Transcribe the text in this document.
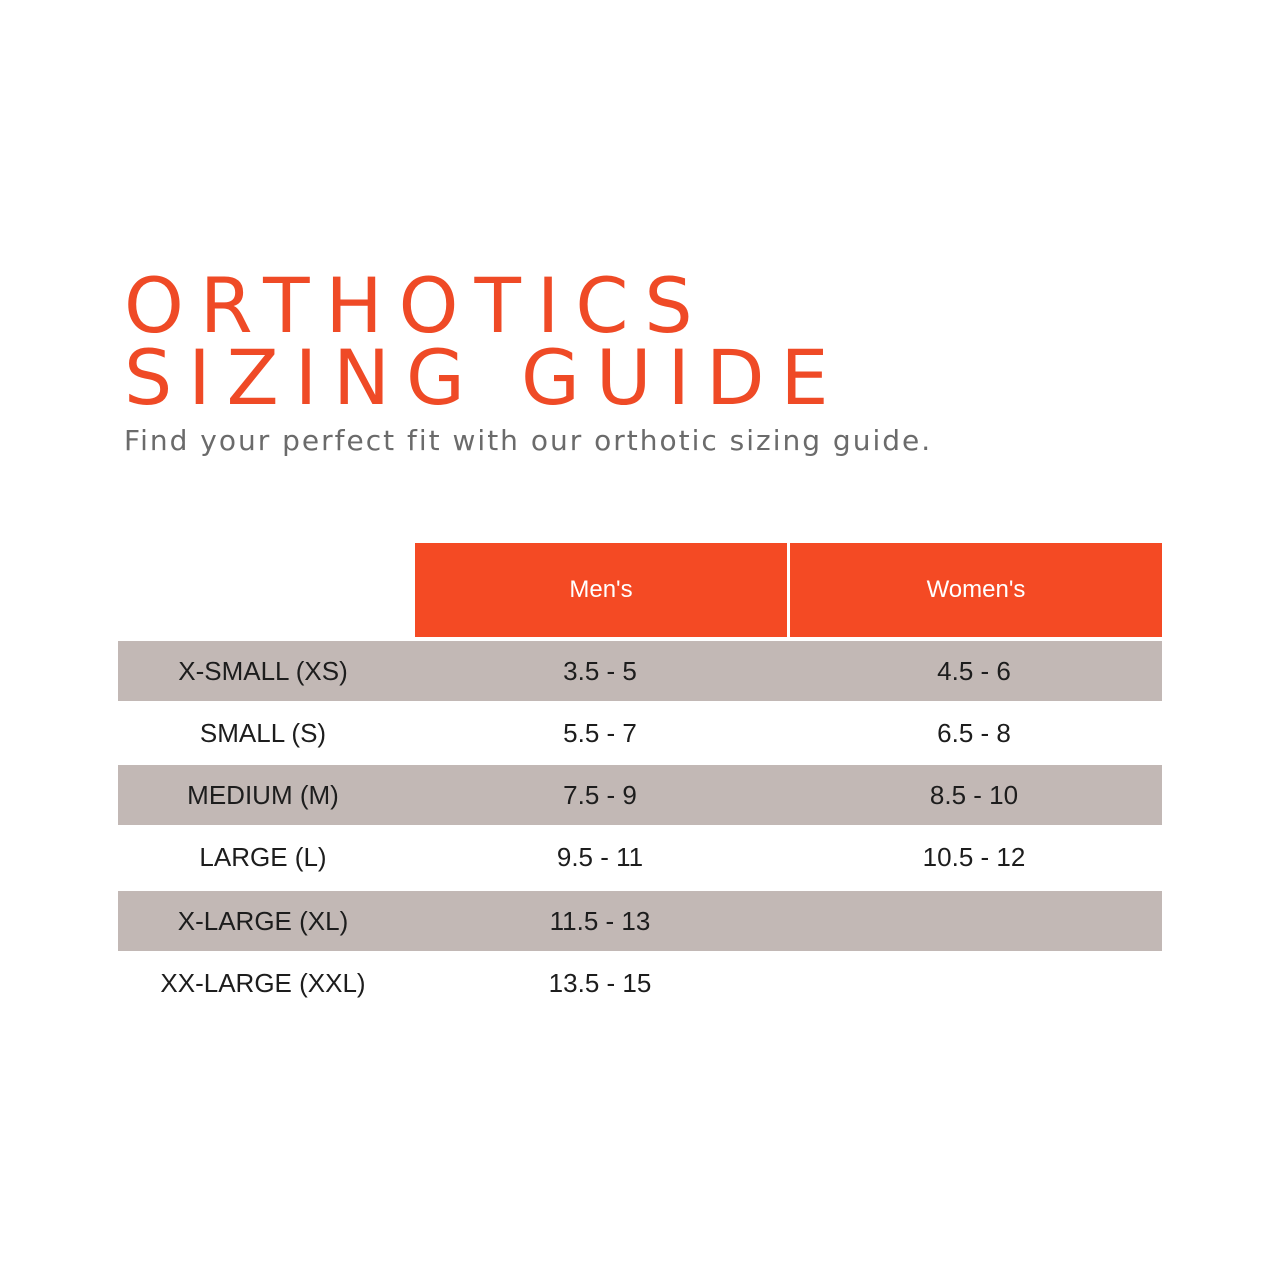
ORTHOTICS
SIZING GUIDE

Find your perfect fit with our orthotic sizing guide.

Men's	Women's
X-SMALL (XS)	3.5 - 5	4.5 - 6
SMALL (S)	5.5 - 7	6.5 - 8
MEDIUM (M)	7.5 - 9	8.5 - 10
LARGE (L)	9.5 - 11	10.5 - 12
X-LARGE (XL)	11.5 - 13
XX-LARGE (XXL)	13.5 - 15
